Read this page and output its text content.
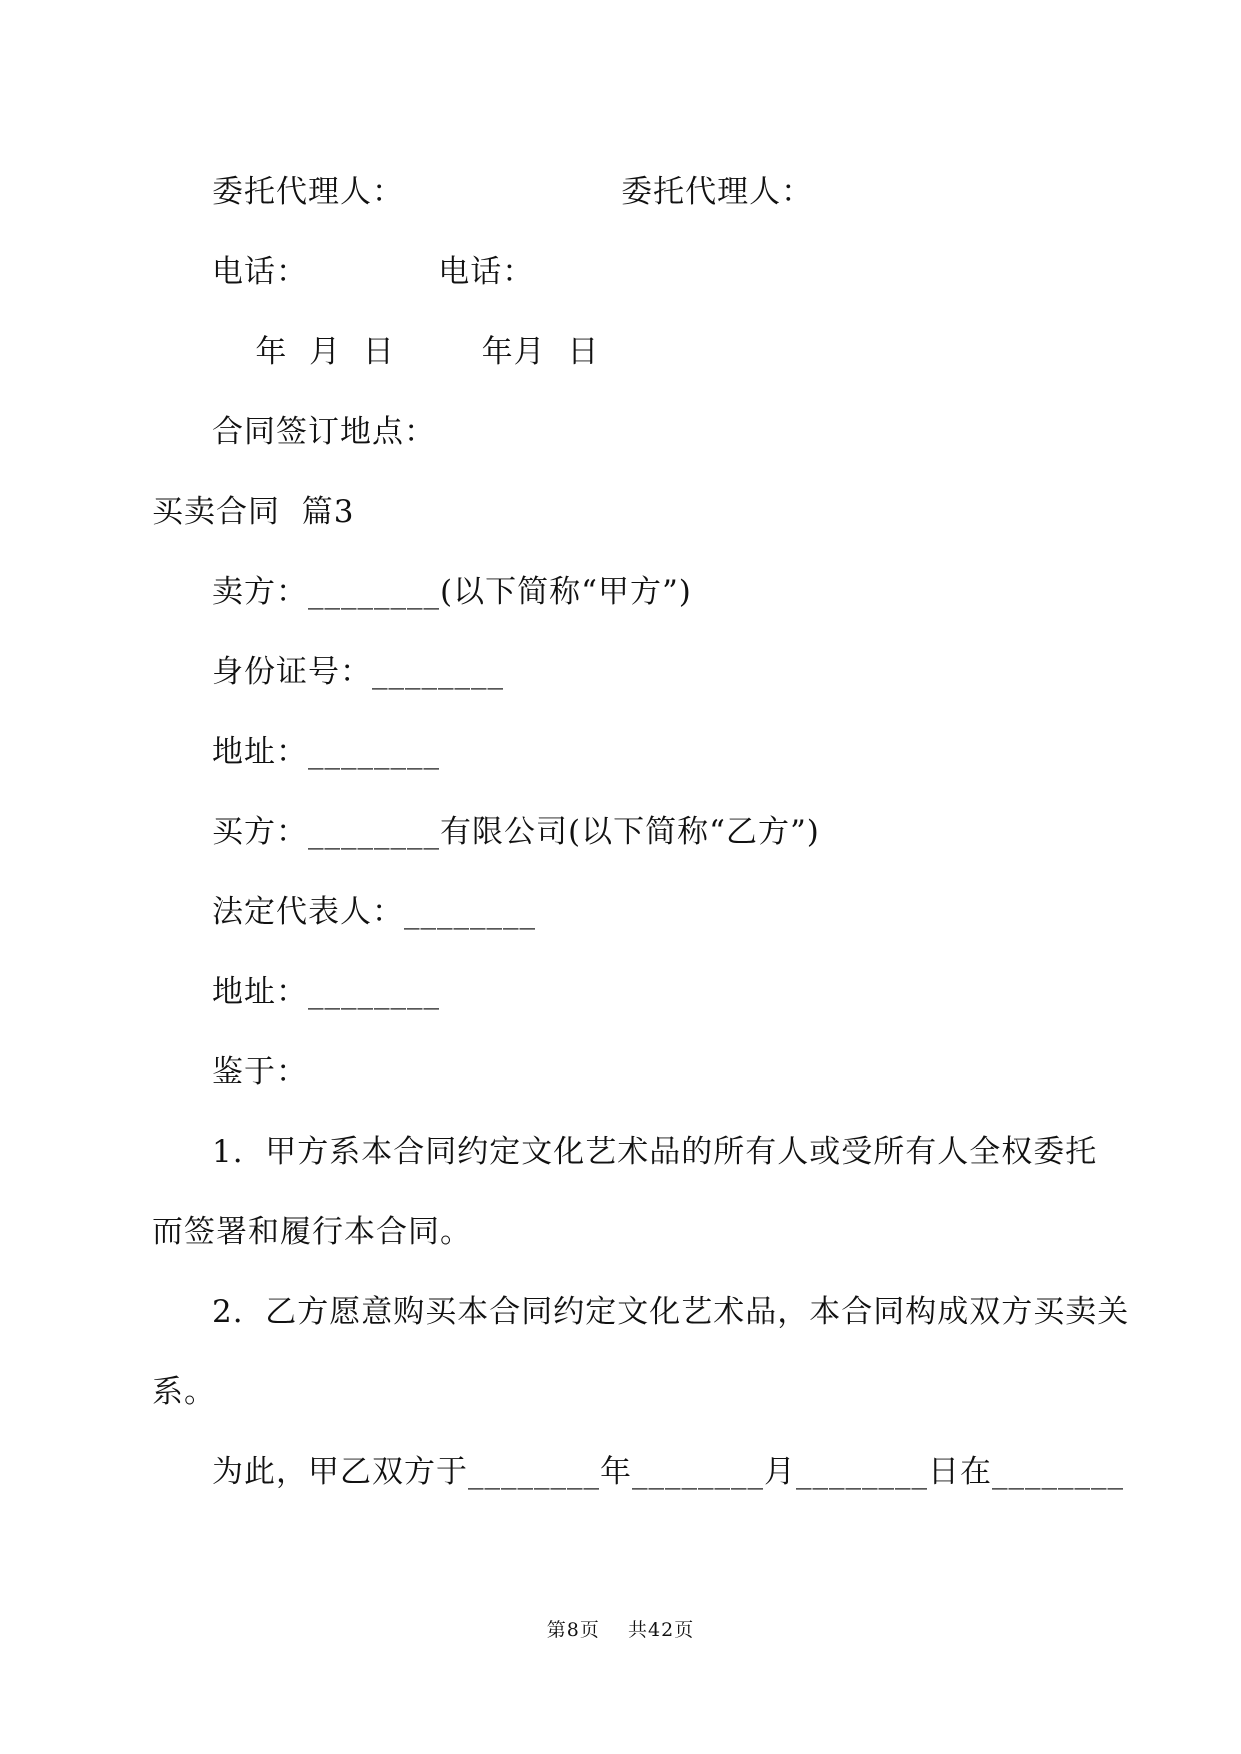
委托代理人：                    委托代理人：
电话：            电话：
年  月  日        年月  日
合同签订地点：
买卖合同  篇3
卖方：________(以下简称“甲方”)
身份证号：________
地址：________
买方：________有限公司(以下简称“乙方”)
法定代表人：________
地址：________
鉴于：
1.  甲方系本合同约定文化艺术品的所有人或受所有人全权委托
而签署和履行本合同。
2.  乙方愿意购买本合同约定文化艺术品，本合同构成双方买卖关
系。
为此，甲乙双方于________年________月________日在________
第8页    共42页
